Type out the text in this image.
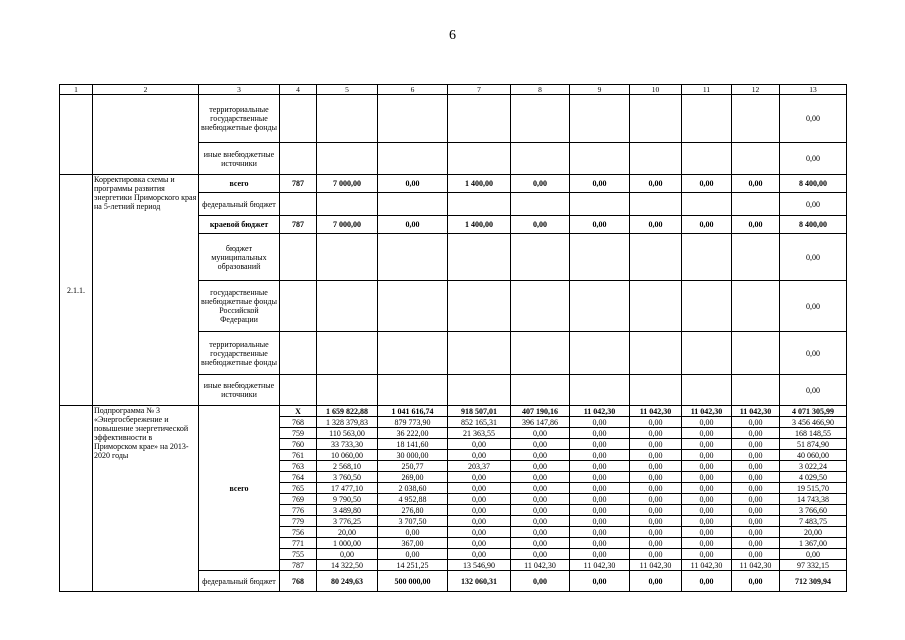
6
1	2	3	4	5	6	7	8	9	10	11	12	13
		территориальные государственные внебюджетные фонды										0,00
		иные внебюджетные источники										0,00
2.1.1.	Корректировка схемы и программы развития энергетики Приморского края на 5-летний период	всего	787	7 000,00	0,00	1 400,00	0,00	0,00	0,00	0,00	0,00	8 400,00
		федеральный бюджет										0,00
		краевой бюджет	787	7 000,00	0,00	1 400,00	0,00	0,00	0,00	0,00	0,00	8 400,00
		бюджет муниципальных образований										0,00
		государственные внебюджетные фонды Российской Федерации										0,00
		территориальные государственные внебюджетные фонды										0,00
		иные внебюджетные источники										0,00
	Подпрограмма № 3 «Энергосбережение и повышение энергетической эффективности в Приморском крае» на 2013-2020 годы	всего	Х	1 659 822,88	1 041 616,74	918 507,01	407 190,16	11 042,30	11 042,30	11 042,30	11 042,30	4 071 305,99
			768	1 328 379,83	879 773,90	852 165,31	396 147,86	0,00	0,00	0,00	0,00	3 456 466,90
			759	110 563,00	36 222,00	21 363,55	0,00	0,00	0,00	0,00	0,00	168 148,55
			760	33 733,30	18 141,60	0,00	0,00	0,00	0,00	0,00	0,00	51 874,90
			761	10 060,00	30 000,00	0,00	0,00	0,00	0,00	0,00	0,00	40 060,00
			763	2 568,10	250,77	203,37	0,00	0,00	0,00	0,00	0,00	3 022,24
			764	3 760,50	269,00	0,00	0,00	0,00	0,00	0,00	0,00	4 029,50
			765	17 477,10	2 038,60	0,00	0,00	0,00	0,00	0,00	0,00	19 515,70
			769	9 790,50	4 952,88	0,00	0,00	0,00	0,00	0,00	0,00	14 743,38
			776	3 489,80	276,80	0,00	0,00	0,00	0,00	0,00	0,00	3 766,60
			779	3 776,25	3 707,50	0,00	0,00	0,00	0,00	0,00	0,00	7 483,75
			756	20,00	0,00	0,00	0,00	0,00	0,00	0,00	0,00	20,00
			771	1 000,00	367,00	0,00	0,00	0,00	0,00	0,00	0,00	1 367,00
			755	0,00	0,00	0,00	0,00	0,00	0,00	0,00	0,00	0,00
			787	14 322,50	14 251,25	13 546,90	11 042,30	11 042,30	11 042,30	11 042,30	11 042,30	97 332,15
		федеральный бюджет	768	80 249,63	500 000,00	132 060,31	0,00	0,00	0,00	0,00	0,00	712 309,94
